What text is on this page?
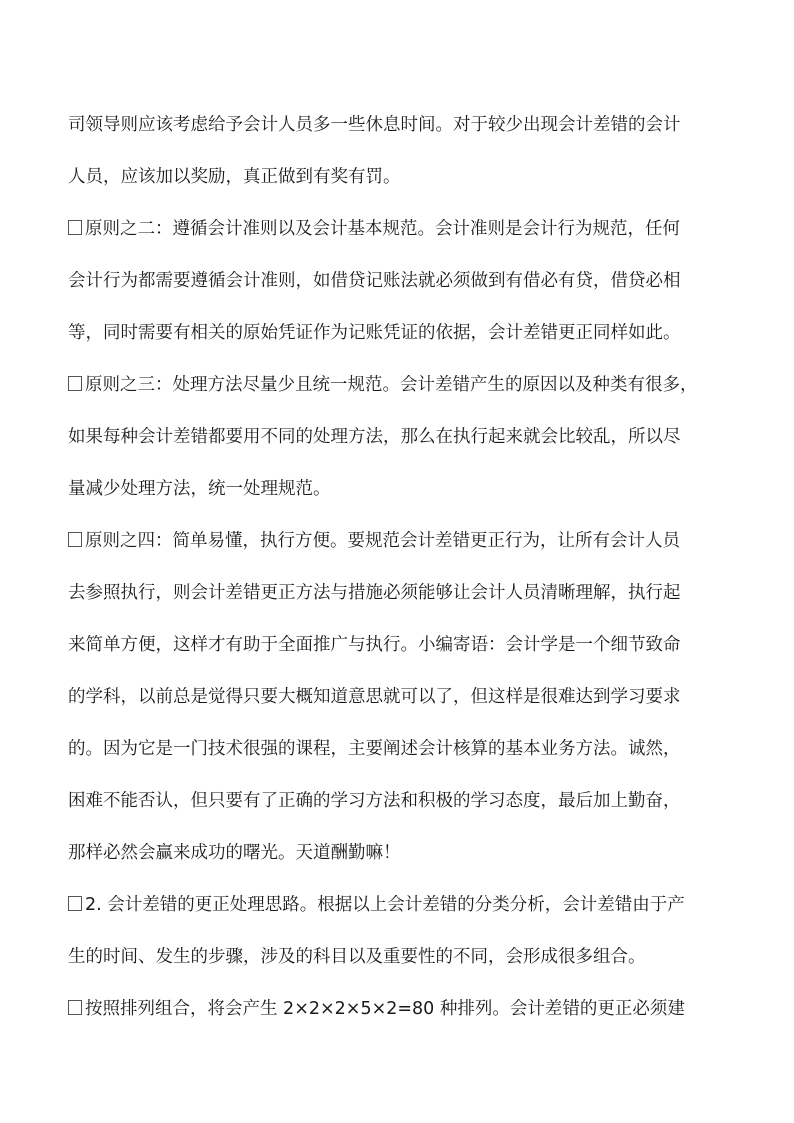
司领导则应该考虑给予会计人员多一些休息时间。对于较少出现会计差错的会计
人员，应该加以奖励，真正做到有奖有罚。
原则之二：遵循会计准则以及会计基本规范。会计准则是会计行为规范，任何
会计行为都需要遵循会计准则，如借贷记账法就必须做到有借必有贷，借贷必相
等，同时需要有相关的原始凭证作为记账凭证的依据，会计差错更正同样如此。
原则之三：处理方法尽量少且统一规范。会计差错产生的原因以及种类有很多，
如果每种会计差错都要用不同的处理方法，那么在执行起来就会比较乱，所以尽
量减少处理方法，统一处理规范。
原则之四：简单易懂，执行方便。要规范会计差错更正行为，让所有会计人员
去参照执行，则会计差错更正方法与措施必须能够让会计人员清晰理解，执行起
来简单方便，这样才有助于全面推广与执行。小编寄语：会计学是一个细节致命
的学科，以前总是觉得只要大概知道意思就可以了，但这样是很难达到学习要求
的。因为它是一门技术很强的课程，主要阐述会计核算的基本业务方法。诚然，
困难不能否认，但只要有了正确的学习方法和积极的学习态度，最后加上勤奋，
那样必然会赢来成功的曙光。天道酬勤嘛！
2. 会计差错的更正处理思路。根据以上会计差错的分类分析，会计差错由于产
生的时间、发生的步骤，涉及的科目以及重要性的不同，会形成很多组合。
按照排列组合，将会产生 2×2×2×5×2=80 种排列。会计差错的更正必须建
